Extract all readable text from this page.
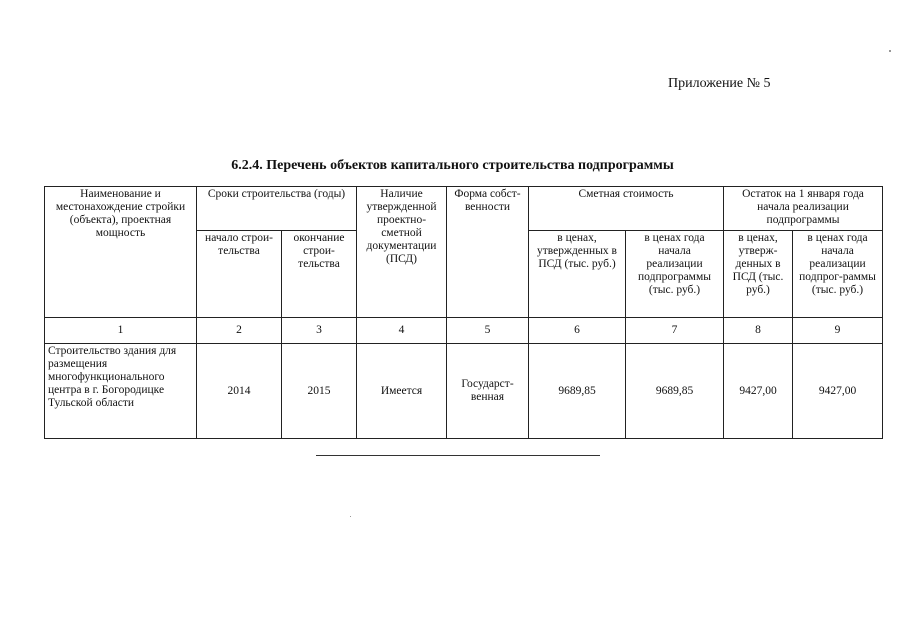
Приложение № 5
6.2.4. Перечень объектов капитального строительства подпрограммы
Наименование и местонахождение стройки (объекта), проектная мощность	Сроки строительства (годы)		Наличие утвержденной проектно-сметной документации (ПСД)	Форма собст-венности	Сметная стоимость		Остаток на 1 января года начала реализации подпрограммы	
	начало строи-тельства	окончание строи-тельства			в ценах, утвержденных в ПСД (тыс. руб.)	в ценах года начала реализации подпрограммы (тыс. руб.)	в ценах, утверж-денных в ПСД (тыс. руб.)	в ценах года начала реализации подпрог-раммы (тыс. руб.)
1	2	3	4	5	6	7	8	9
Строительство здания для размещения многофункционального центра в г. Богородицке Тульской области	2014	2015	Имеется	Государст-венная	9689,85	9689,85	9427,00	9427,00
